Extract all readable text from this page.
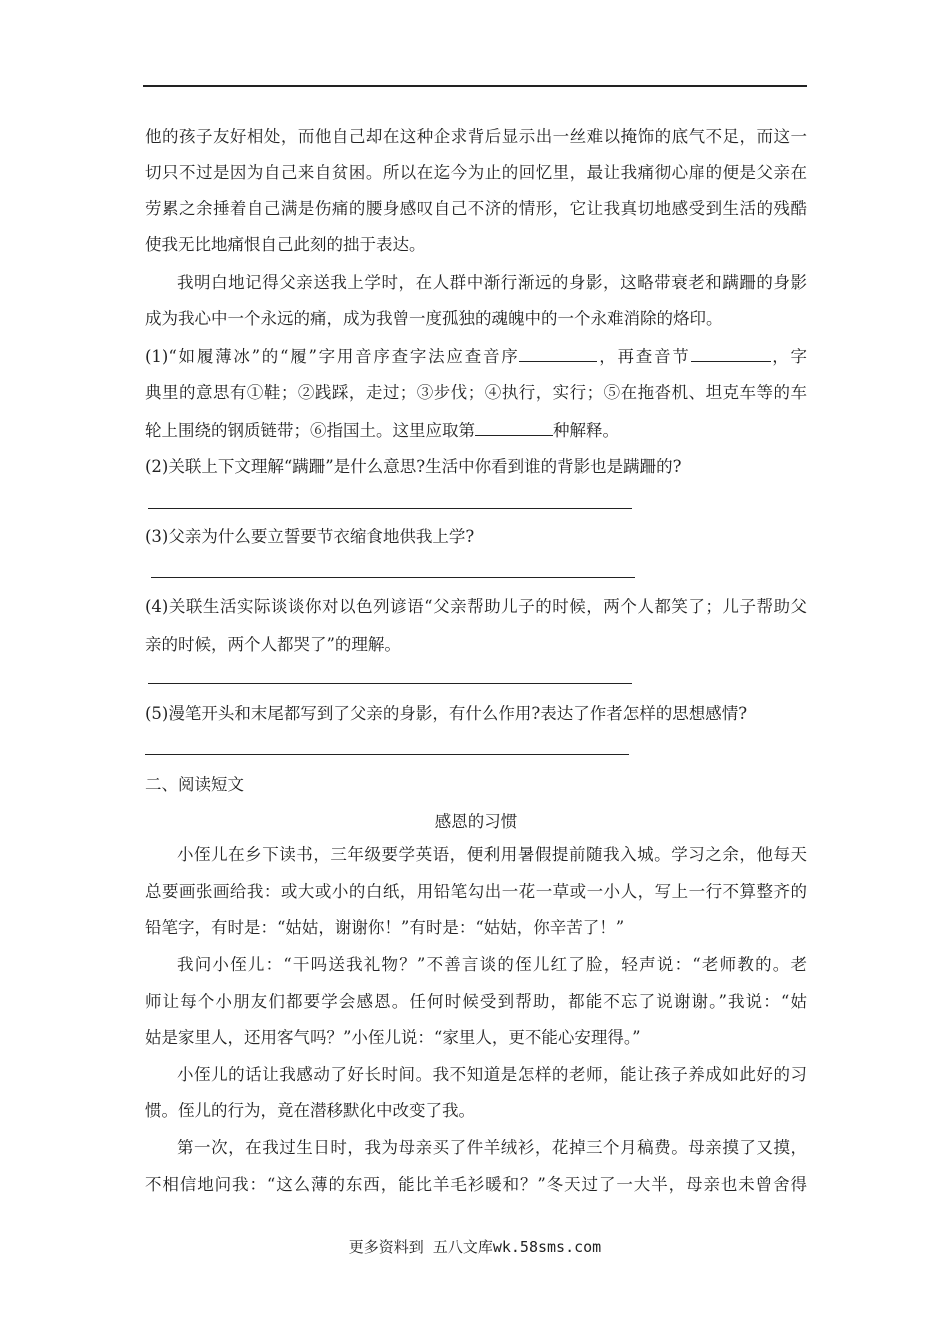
他的孩子友好相处，而他自己却在这种企求背后显示出一丝难以掩饰的底气不足，而这一
切只不过是因为自己来自贫困。所以在迄今为止的回忆里，最让我痛彻心扉的便是父亲在
劳累之余捶着自己满是伤痛的腰身感叹自己不济的情形，它让我真切地感受到生活的残酷
使我无比地痛恨自己此刻的拙于表达。
我明白地记得父亲送我上学时，在人群中渐行渐远的身影，这略带衰老和蹒跚的身影
成为我心中一个永远的痛，成为我曾一度孤独的魂魄中的一个永难消除的烙印。
(1)“如履薄冰”的“履”字用音序查字法应查音序	，再查音节	，字
典里的意思有①鞋；②践踩，走过；③步伐；④执行，实行；⑤在拖沓机、坦克车等的车
轮上围绕的钢质链带；⑥指国土。这里应取第	种解释。
(2)关联上下文理解“蹒跚”是什么意思?生活中你看到谁的背影也是蹒跚的?
(3)父亲为什么要立誓要节衣缩食地供我上学?
(4)关联生活实际谈谈你对以色列谚语“父亲帮助儿子的时候，两个人都笑了；儿子帮助父
亲的时候，两个人都哭了”的理解。
(5)漫笔开头和末尾都写到了父亲的身影，有什么作用?表达了作者怎样的思想感情?
二、阅读短文
感恩的习惯
小侄儿在乡下读书，三年级要学英语，便利用暑假提前随我入城。学习之余，他每天
总要画张画给我：或大或小的白纸，用铅笔勾出一花一草或一小人，写上一行不算整齐的
铅笔字，有时是：“姑姑，谢谢你！”有时是：“姑姑，你辛苦了！”
我问小侄儿：“干吗送我礼物？”不善言谈的侄儿红了脸，轻声说：“老师教的。老
师让每个小朋友们都要学会感恩。任何时候受到帮助，都能不忘了说谢谢。”我说：“姑
姑是家里人，还用客气吗？”小侄儿说：“家里人，更不能心安理得。”
小侄儿的话让我感动了好长时间。我不知道是怎样的老师，能让孩子养成如此好的习
惯。侄儿的行为，竟在潜移默化中改变了我。
第一次，在我过生日时，我为母亲买了件羊绒衫，花掉三个月稿费。母亲摸了又摸，
不相信地问我：“这么薄的东西，能比羊毛衫暖和？”冬天过了一大半，母亲也未曾舍得
更多资料到 五八文库wk.58sms.com
